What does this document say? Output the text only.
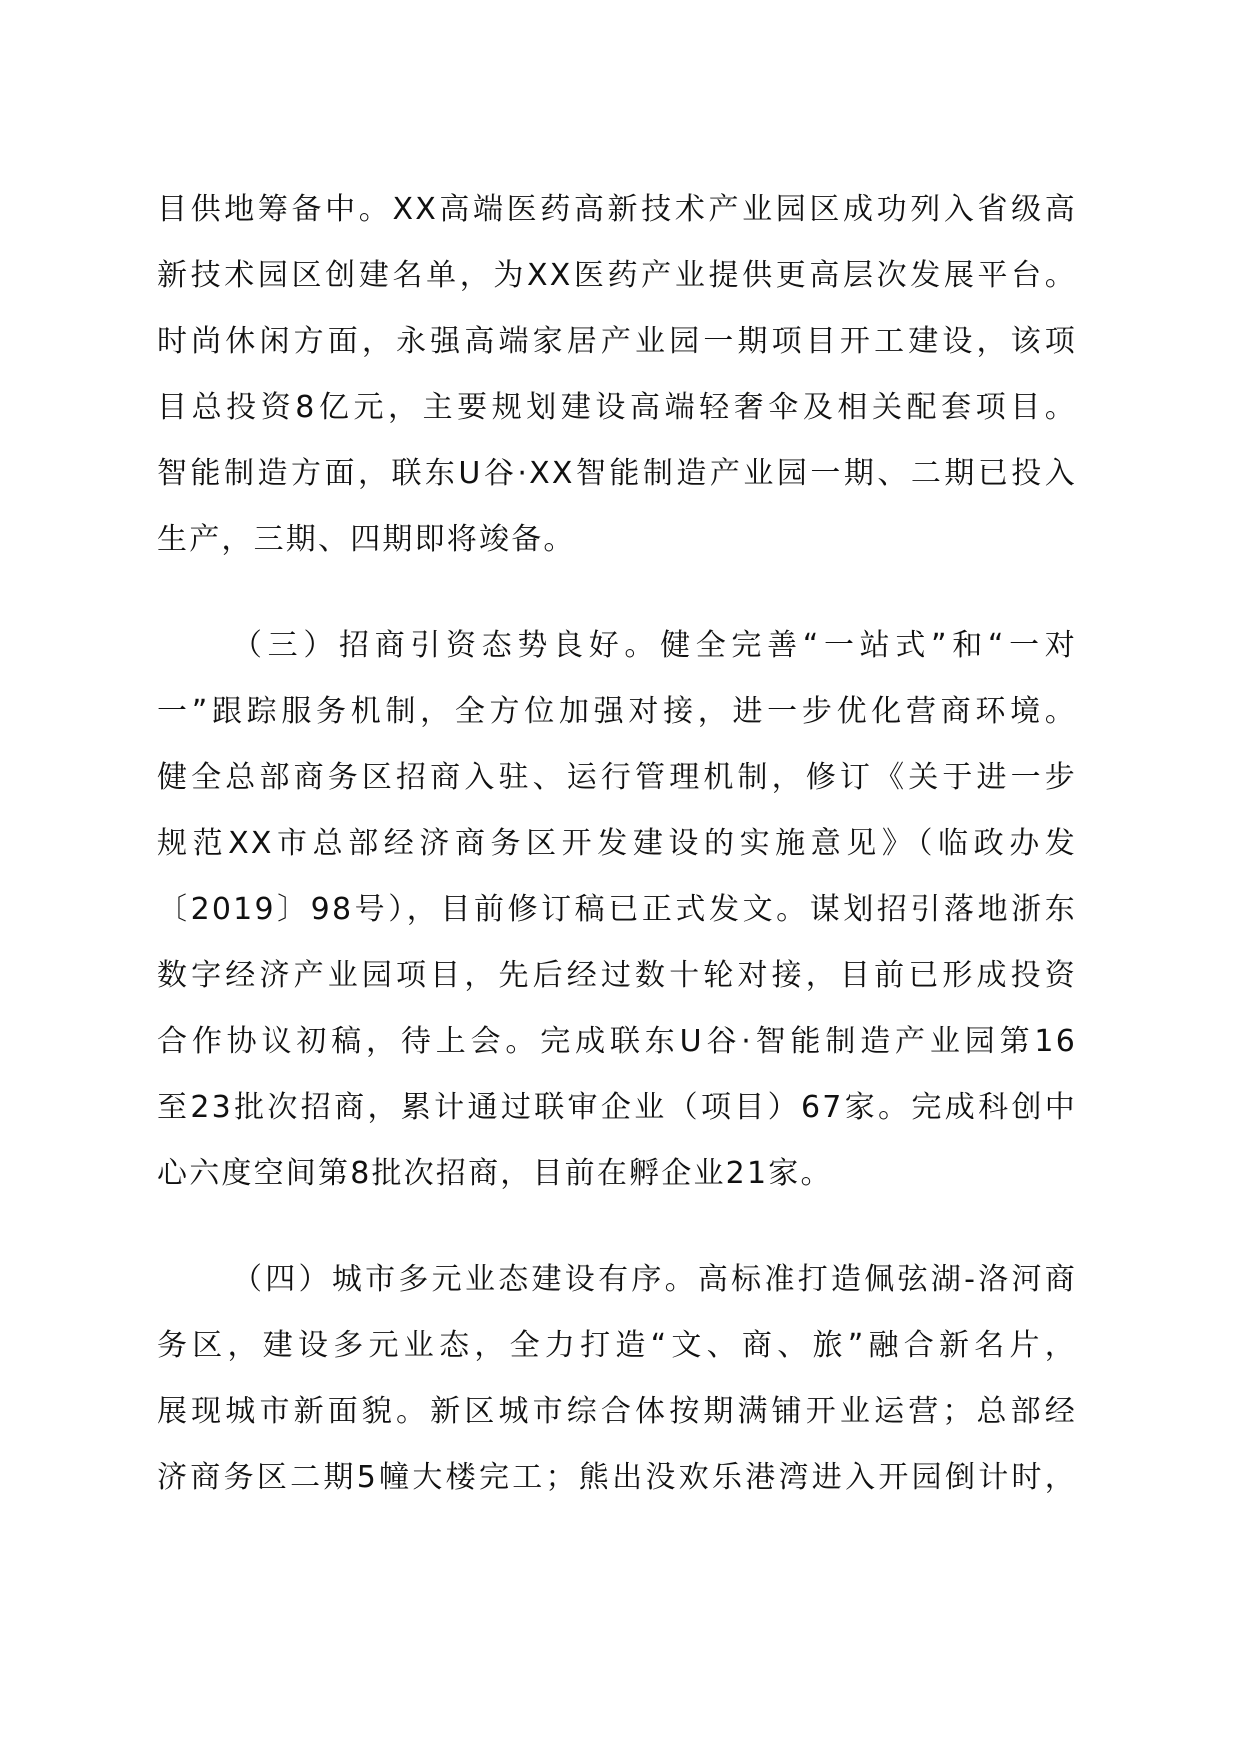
目供地筹备中。XX高端医药高新技术产业园区成功列入省级高
新技术园区创建名单，为XX医药产业提供更高层次发展平台。
时尚休闲方面，永强高端家居产业园一期项目开工建设，该项
目总投资8亿元，主要规划建设高端轻奢伞及相关配套项目。
智能制造方面，联东U谷·XX智能制造产业园一期、二期已投入
生产，三期、四期即将竣备。
（三）招商引资态势良好。健全完善“一站式”和“一对
一”跟踪服务机制，全方位加强对接，进一步优化营商环境。
健全总部商务区招商入驻、运行管理机制，修订《关于进一步
规范XX市总部经济商务区开发建设的实施意见》（临政办发
〔2019〕98号），目前修订稿已正式发文。谋划招引落地浙东
数字经济产业园项目，先后经过数十轮对接，目前已形成投资
合作协议初稿，待上会。完成联东U谷·智能制造产业园第16
至23批次招商，累计通过联审企业（项目）67家。完成科创中
心六度空间第8批次招商，目前在孵企业21家。
（四）城市多元业态建设有序。高标准打造佩弦湖-洛河商
务区，建设多元业态，全力打造“文、商、旅”融合新名片，
展现城市新面貌。新区城市综合体按期满铺开业运营；总部经
济商务区二期5幢大楼完工；熊出没欢乐港湾进入开园倒计时，
